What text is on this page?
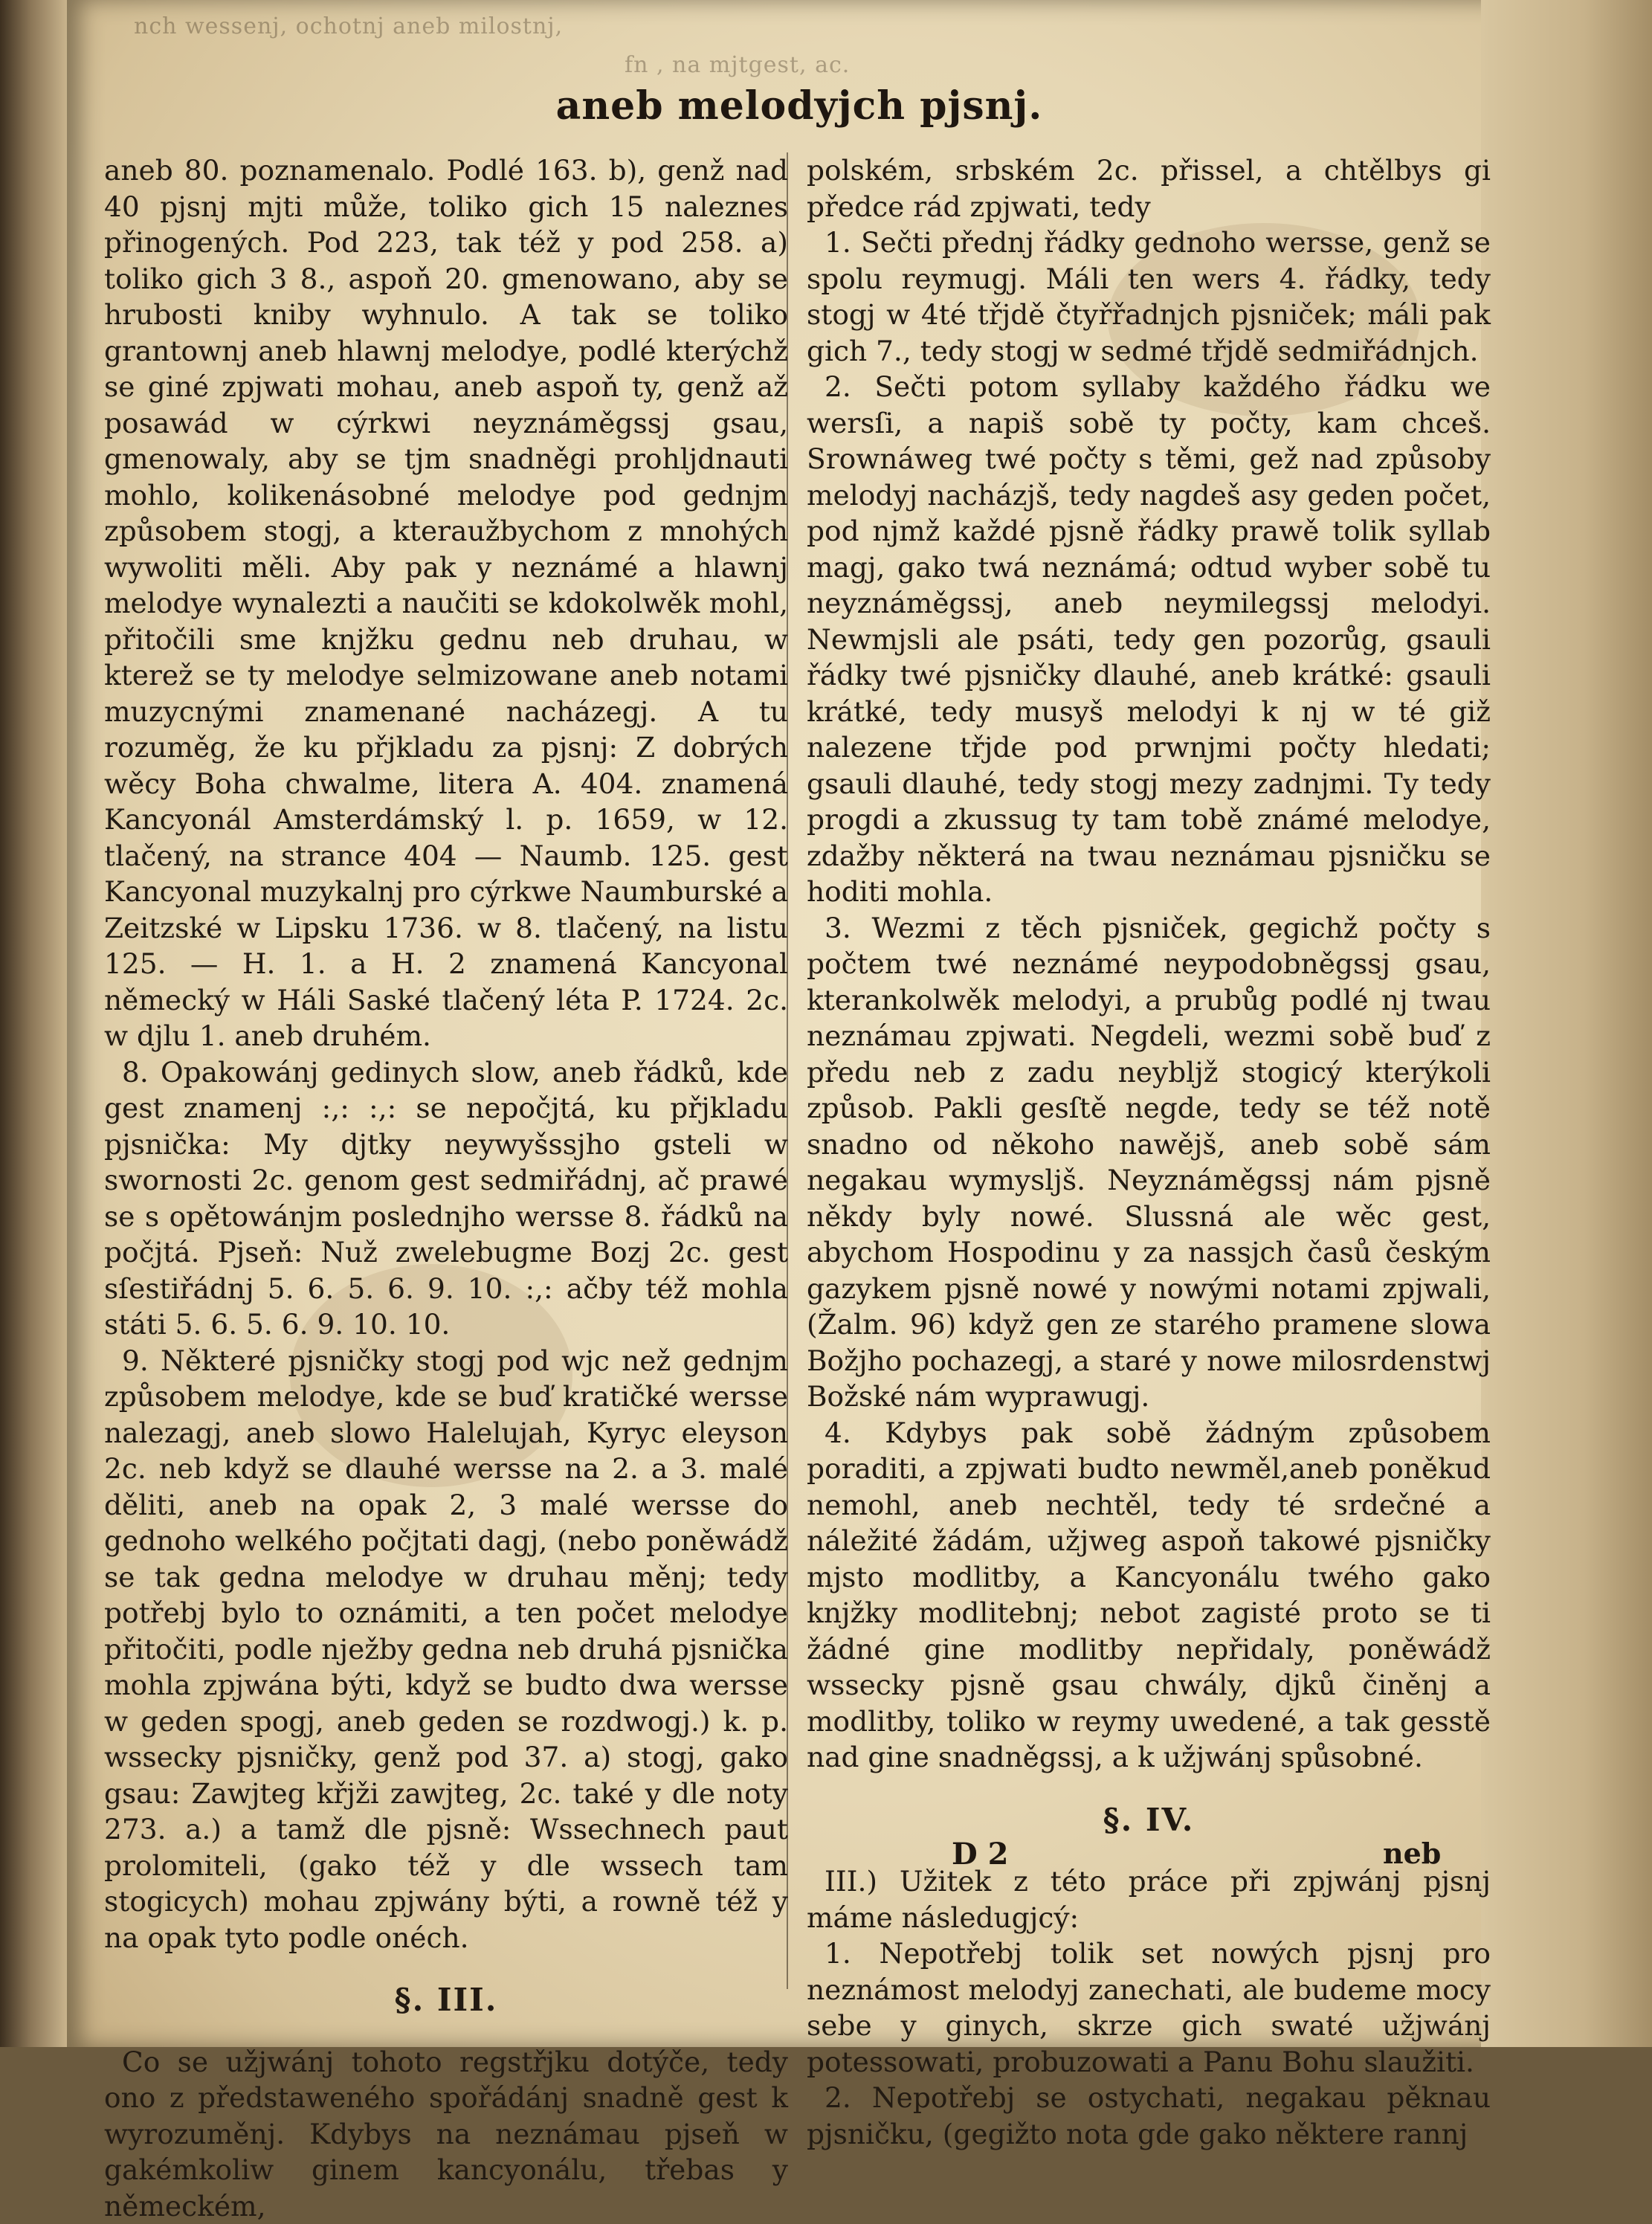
nch wessenj, ochotnj aneb milostnj,
fn , na mjtgest, ac.
aneb melodyjch pjsnj.

aneb 80. poznamenalo. Podlé 163. b), genž nad 40 pjsnj mjti může, toliko gich 15 naleznes přinogených. Pod 223, tak též y pod 258. a) toliko gich 3 8., aspoň 20. gmenowano, aby se hrubosti kniby wyhnulo. A tak se toliko grantownj aneb hlawnj melodye, podlé kterýchž se giné zpjwati mohau, aneb aspoň ty, genž až posawád w cýrkwi neyznáměgssj gsau, gmenowaly, aby se tjm snadněgi prohljdnauti mohlo, kolikenásobné melodye pod gednjm způsobem stogj, a kteraužbychom z mnohých wywoliti měli. Aby pak y neznámé a hlawnj melodye wynalezti a naučiti se kdokolwěk mohl, přitočili sme knjžku gednu neb druhau, w kterež se ty melodye selmizowane aneb notami muzycnými znamenané nacházegj. A tu rozuměg, že ku přjkladu za pjsnj: Z dobrých wěcy Boha chwalme, litera A. 404. znamená Kancyonál Amsterdámský l. p. 1659, w 12. tlačený, na strance 404 — Naumb. 125. gest Kancyonal muzykalnj pro cýrkwe Naumburské a Zeitzské w Lipsku 1736. w 8. tlačený, na listu 125. — H. 1. a H. 2 znamená Kancyonal německý w Háli Saské tlačený léta P. 1724. 2c. w djlu 1. aneb druhém.

8. Opakowánj gedinych slow, aneb řádků, kde gest znamenj :,: :,: se nepočjtá, ku přjkladu pjsnička: My djtky neywyšssjho gsteli w swornosti 2c. genom gest sedmiřádnj, ač prawé se s opětowánjm poslednjho wersse 8. řádků na počjtá. Pjseň: Nuž zwelebugme Bozj 2c. gest sſestiřádnj 5. 6. 5. 6. 9. 10. :,: ačby též mohla státi 5. 6. 5. 6. 9. 10. 10.

9. Některé pjsničky stogj pod wjc než gednjm způsobem melodye, kde se buď kratičké wersse nalezagj, aneb slowo Halelujah, Kyryc eleyson 2c. neb když se dlauhé wersse na 2. a 3. malé děliti, aneb na opak 2, 3 malé wersse do gednoho welkého počjtati dagj, (nebo poněwádž se tak gedna melodye w druhau měnj; tedy potřebj bylo to oznámiti, a ten počet melodye přitočiti, podle nježby gedna neb druhá pjsnička mohla zpjwána býti, když se budto dwa wersse w geden spogj, aneb geden se rozdwogj.) k. p. wssecky pjsničky, genž pod 37. a) stogj, gako gsau: Zawjteg křjži zawjteg, 2c. také y dle noty 273. a.) a tamž dle pjsně: Wssechnech paut prolomiteli, (gako též y dle wssech tam stogicych) mohau zpjwány býti, a rowně též y na opak tyto podle onéch.

§. III.

Co se užjwánj tohoto regstřjku dotýče, tedy ono z předstaweného spořádánj snadně gest k wyrozuměnj. Kdybys na neznámau pjseň w gakémkoliw ginem kancyonálu, třebas y německém,

polském, srbském 2c. přissel, a chtělbys gi předce rád zpjwati, tedy

1. Sečti přednj řádky gednoho wersse, genž se spolu reymugj. Máli ten wers 4. řádky, tedy stogj w 4té třjdě čtyřřadnjch pjsniček; máli pak gich 7., tedy stogj w sedmé třjdě sedmiřádnjch.

2. Sečti potom syllaby každého řádku we wersſi, a napiš sobě ty počty, kam chceš. Srownáweg twé počty s těmi, gež nad způsoby melodyj nacházjš, tedy nagdeš asy geden počet, pod njmž každé pjsně řádky prawě tolik syllab magj, gako twá neznámá; odtud wyber sobě tu neyznáměgssj, aneb neymilegssj melodyi. Newmjsli ale psáti, tedy gen pozorůg, gsauli řádky twé pjsničky dlauhé, aneb krátké: gsauli krátké, tedy musyš melodyi k nj w té giž nalezene třjde pod prwnjmi počty hledati; gsauli dlauhé, tedy stogj mezy zadnjmi. Ty tedy progdi a zkussug ty tam tobě známé melodye, zdažby některá na twau neznámau pjsničku se hoditi mohla.

3. Wezmi z těch pjsniček, gegichž počty s počtem twé neznámé neypodobněgssj gsau, kterankolwěk melodyi, a prubůg podlé nj twau neznámau zpjwati. Negdeli, wezmi sobě buď z předu neb z zadu neybljž stogicý kterýkoli způsob. Pakli gesſtě negde, tedy se též notě snadno od někoho nawějš, aneb sobě sám negakau wymysljš. Neyznáměgssj nám pjsně někdy byly nowé. Slussná ale wěc gest, abychom Hospodinu y za nassjch časů českým gazykem pjsně nowé y nowými notami zpjwali, (Žalm. 96) když gen ze starého pramene slowa Božjho pochazegj, a staré y nowe milosrdenstwj Božské nám wyprawugj.

4. Kdybys pak sobě žádným způsobem poraditi, a zpjwati budto newměl,aneb poněkud nemohl, aneb nechtěl, tedy té srdečné a náležité žádám, užjweg aspoň takowé pjsničky mjsto modlitby, a Kancyonálu twého gako knjžky modlitebnj; nebot zagisté proto se ti žádné gine modlitby nepřidaly, poněwádž wssecky pjsně gsau chwály, djků činěnj a modlitby, toliko w reymy uwedené, a tak gesstě nad gine snadněgssj, a k užjwánj spůsobné.

§. IV.

III.) Užitek z této práce při zpjwánj pjsnj máme následugjcý:

1. Nepotřebj tolik set nowých pjsnj pro neznámost melodyj zanechati, ale budeme mocy sebe y ginych, skrze gich swaté užjwánj potessowati, probuzowati a Panu Bohu slaužiti.

2. Nepotřebj se ostychati, negakau pěknau pjsničku, (gegižto nota gde gako některe rannj

D 2	neb
